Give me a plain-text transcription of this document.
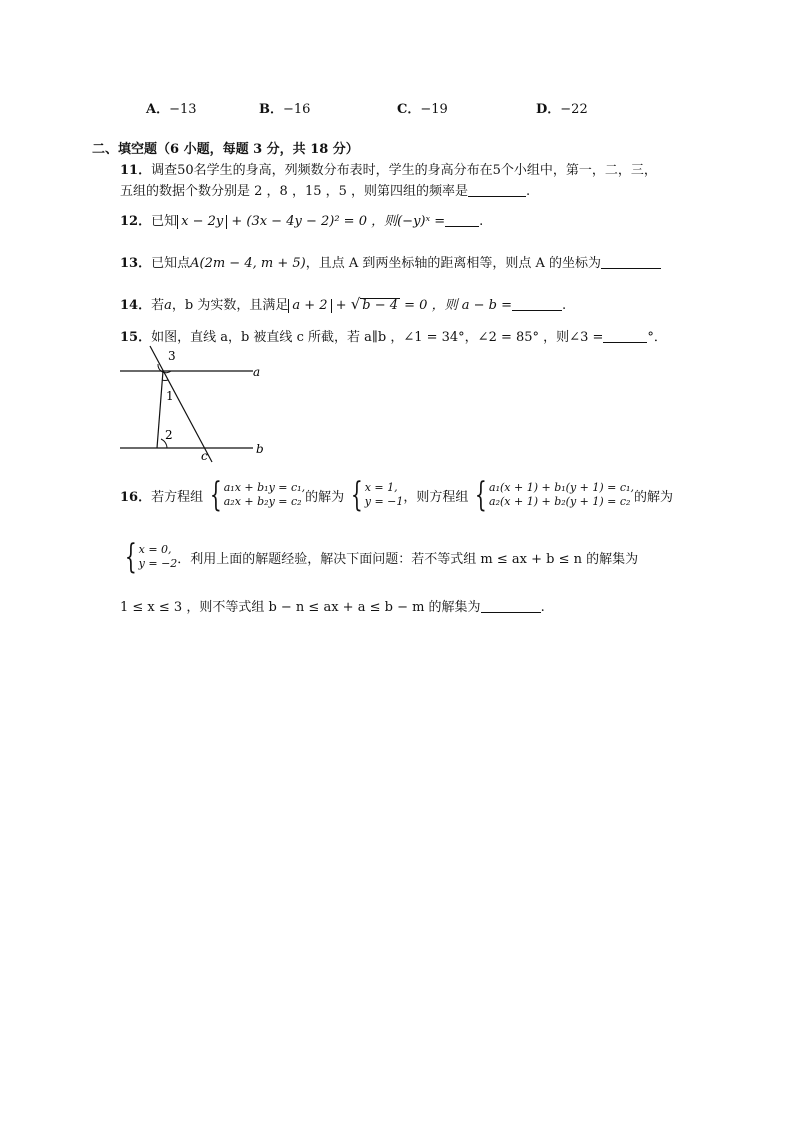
A．−13	B．−16	C．−19	D．−22
二、填空题（6 小题，每题 3 分，共 18 分）
11．调查50名学生的身高，列频数分布表时，学生的身高分布在5个小组中，第一，二，三，
五组的数据个数分别是 2 ，8 ，15 ，5 ，则第四组的频率是	.
12．已知 x − 2y + (3x − 4y − 2)² = 0 ，则(−y)ˣ =	.
13．已知点A(2m − 4, m + 5)，且点 A 到两坐标轴的距离相等，则点 A 的坐标为
14．若a，b 为实数，且满足 a + 2 + √ b − 4 = 0 ，则 a − b =	.
15．如图，直线 a，b 被直线 c 所截，若 a∥b ，∠1 = 34°，∠2 = 85° ，则∠3 =	°．
3
1
2
a
b
c
16． 若方程组 { a₁x + b₁y = c₁,
a₂x + b₂y = c₂ 的解为 { x = 1,
y = −1 ，则方程组 { a₁(x + 1) + b₁(y + 1) = c₁,
a₂(x + 1) + b₂(y + 1) = c₂ 的解为
{ x = 0,
y = −2 ．利用上面的解题经验，解决下面问题：若不等式组 m ≤ ax + b ≤ n 的解集为
1 ≤ x ≤ 3 ，则不等式组 b − n ≤ ax + a ≤ b − m 的解集为	.
